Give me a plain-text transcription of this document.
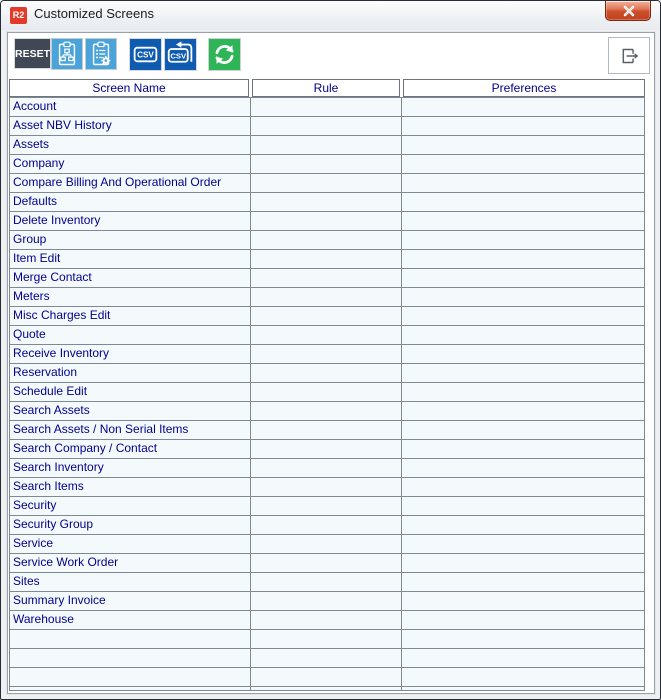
R2 Customized Screens
RESET	CSV CSV
Screen Name	Rule	Preferences
Account
Asset NBV History
Assets
Company
Compare Billing And Operational Order
Defaults
Delete Inventory
Group
Item Edit
Merge Contact
Meters
Misc Charges Edit
Quote
Receive Inventory
Reservation
Schedule Edit
Search Assets
Search Assets / Non Serial Items
Search Company / Contact
Search Inventory
Search Items
Security
Security Group
Service
Service Work Order
Sites
Summary Invoice
Warehouse
